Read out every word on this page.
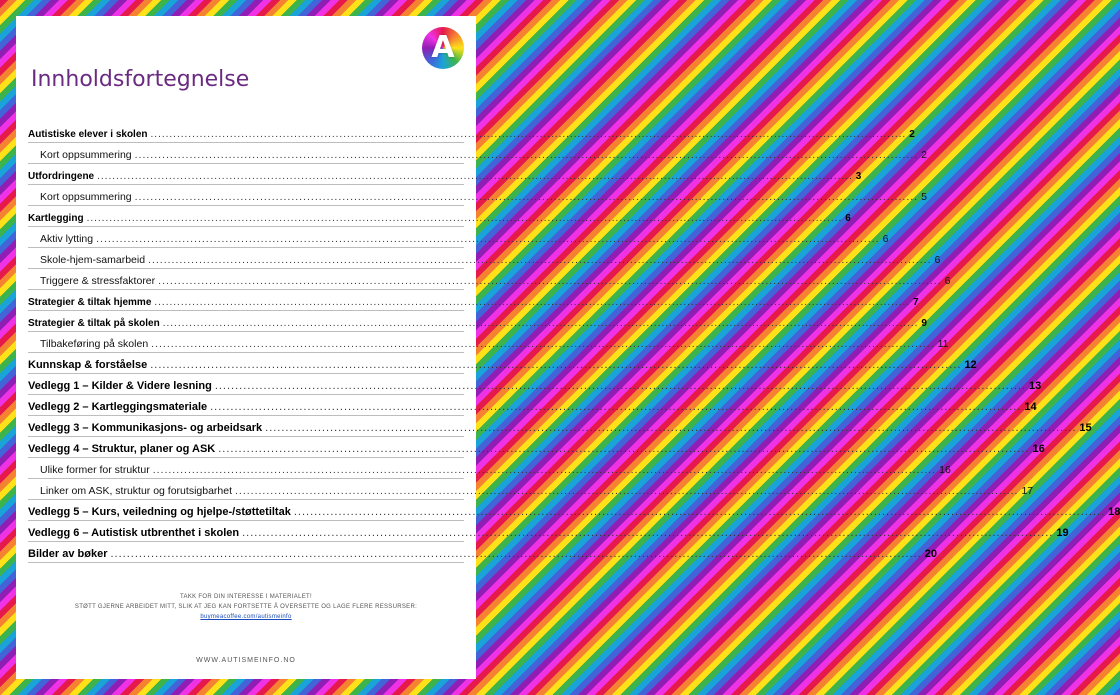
A
Innholdsfortegnelse
Autistiske elever i skolen ........................................................................................................................................................................................................ 2
Kort oppsummering ........................................................................................................................................................................................................ 2
Utfordringene ........................................................................................................................................................................................................ 3
Kort oppsummering ........................................................................................................................................................................................................ 5
Kartlegging ........................................................................................................................................................................................................ 6
Aktiv lytting ........................................................................................................................................................................................................ 6
Skole-hjem-samarbeid ........................................................................................................................................................................................................ 6
Triggere & stressfaktorer ........................................................................................................................................................................................................ 6
Strategier & tiltak hjemme ........................................................................................................................................................................................................ 7
Strategier & tiltak på skolen ........................................................................................................................................................................................................ 9
Tilbakeføring på skolen ........................................................................................................................................................................................................ 11
Kunnskap & forståelse ........................................................................................................................................................................................................ 12
Vedlegg 1 – Kilder & Videre lesning ........................................................................................................................................................................................................ 13
Vedlegg 2 – Kartleggingsmateriale ........................................................................................................................................................................................................ 14
Vedlegg 3 – Kommunikasjons- og arbeidsark ........................................................................................................................................................................................................ 15
Vedlegg 4 – Struktur, planer og ASK ........................................................................................................................................................................................................ 16
Ulike former for struktur ........................................................................................................................................................................................................ 16
Linker om ASK, struktur og forutsigbarhet ........................................................................................................................................................................................................ 17
Vedlegg 5 – Kurs, veiledning og hjelpe-/støttetiltak ........................................................................................................................................................................................................ 18
Vedlegg 6 – Autistisk utbrenthet i skolen ........................................................................................................................................................................................................ 19
Bilder av bøker ........................................................................................................................................................................................................ 20
TAKK FOR DIN INTERESSE I MATERIALET!
STØTT GJERNE ARBEIDET MITT, SLIK AT JEG KAN FORTSETTE Å OVERSETTE OG LAGE FLERE RESSURSER:
buymeacoffee.com/autismeinfo
WWW.AUTISMEINFO.NO
